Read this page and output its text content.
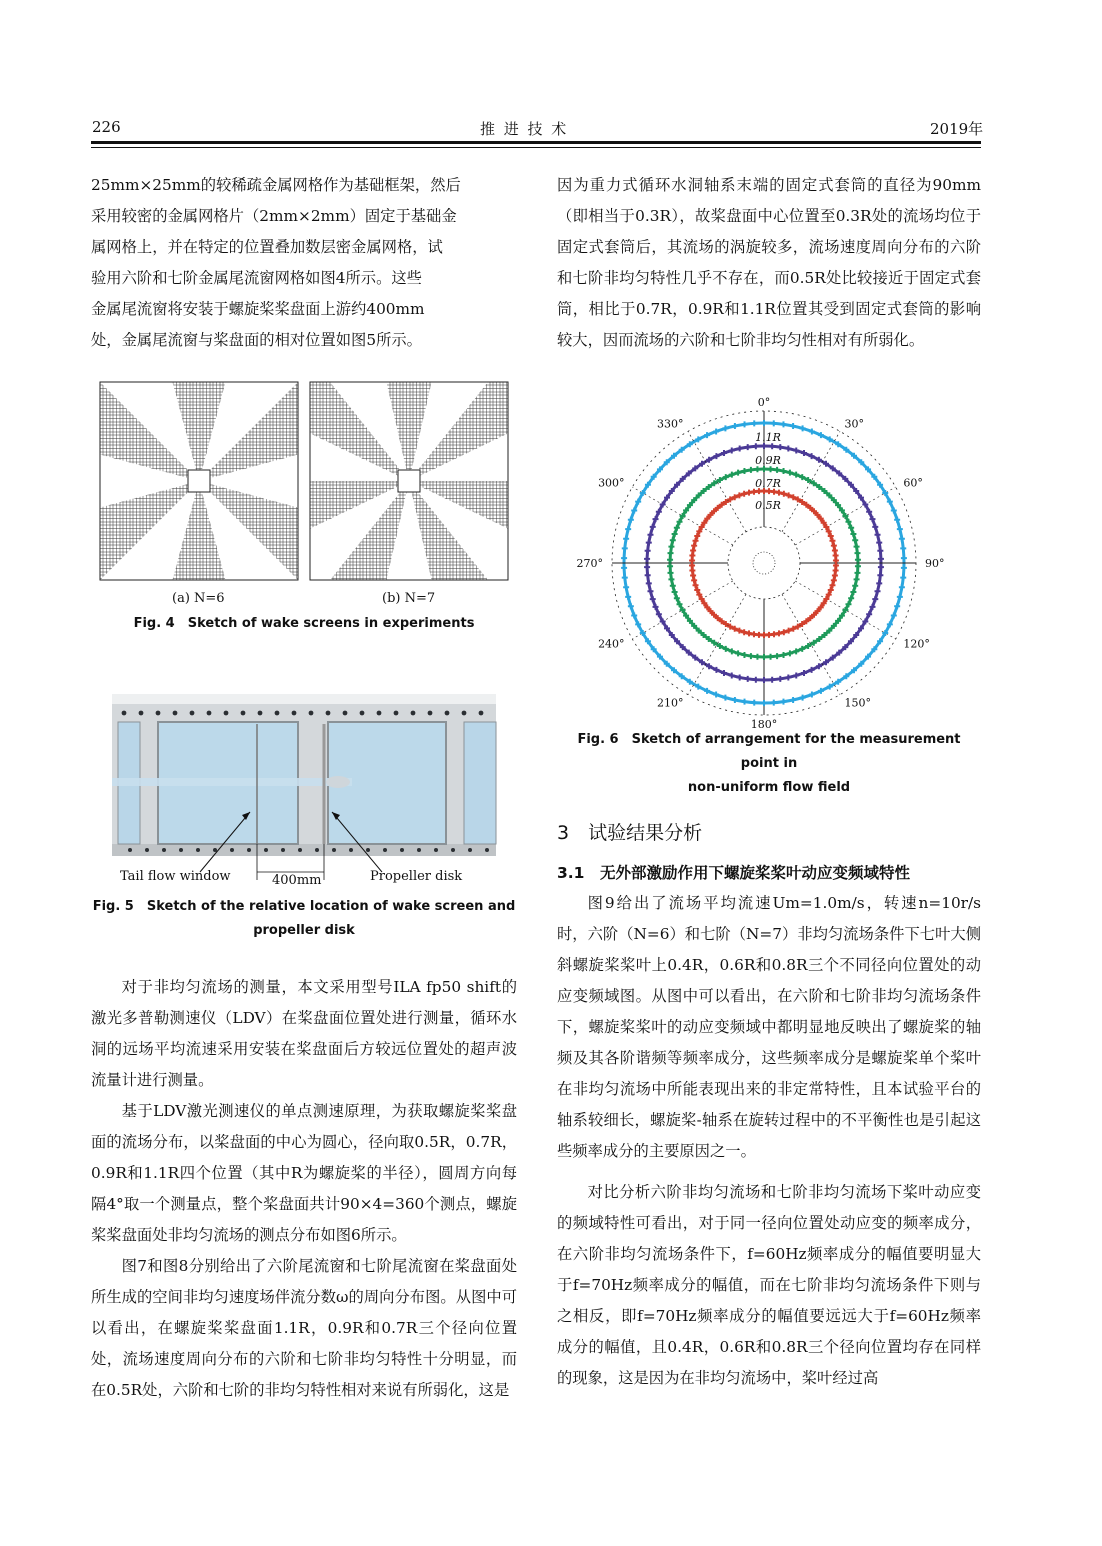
226	推 进 技 术	2019年
25mm×25mm的较稀疏金属网格作为基础框架，然后
采用较密的金属网格片（2mm×2mm）固定于基础金
属网格上，并在特定的位置叠加数层密金属网格，试
验用六阶和七阶金属尾流窗网格如图4所示。这些
金属尾流窗将安装于螺旋桨桨盘面上游约400mm
处，金属尾流窗与桨盘面的相对位置如图5所示。
(a) N=6	(b) N=7
Fig. 4　Sketch of wake screens in experiments
Tail flow window	400mm	Propeller disk
Fig. 5　Sketch of the relative location of wake screen and
propeller disk

对于非均匀流场的测量，本文采用型号ILA fp50 shift的激光多普勒测速仪（LDV）在桨盘面位置处进行测量，循环水洞的远场平均流速采用安装在桨盘面后方较远位置处的超声波流量计进行测量。

基于LDV激光测速仪的单点测速原理，为获取螺旋桨桨盘面的流场分布，以桨盘面的中心为圆心，径向取0.5R，0.7R，0.9R和1.1R四个位置（其中R为螺旋桨的半径），圆周方向每隔4°取一个测量点，整个桨盘面共计90×4=360个测点，螺旋桨桨盘面处非均匀流场的测点分布如图6所示。

图7和图8分别给出了六阶尾流窗和七阶尾流窗在桨盘面处所生成的空间非均匀速度场伴流分数ω的周向分布图。从图中可以看出，在螺旋桨桨盘面1.1R，0.9R和0.7R三个径向位置处，流场速度周向分布的六阶和七阶非均匀特性十分明显，而在0.5R处，六阶和七阶的非均匀特性相对来说有所弱化，这是

因为重力式循环水洞轴系末端的固定式套筒的直径为90mm（即相当于0.3R），故桨盘面中心位置至0.3R处的流场均位于固定式套筒后，其流场的涡旋较多，流场速度周向分布的六阶和七阶非均匀特性几乎不存在，而0.5R处比较接近于固定式套筒，相比于0.7R，0.9R和1.1R位置其受到固定式套筒的影响较大，因而流场的六阶和七阶非均匀性相对有所弱化。
0°
330°
300°
270°
240°
210°
180°
150°
120°
90°
60°
30°
1.1R
0.9R
0.7R
0.5R
Fig. 6　Sketch of arrangement for the measurement point in
non-uniform flow field
3　试验结果分析
3.1　无外部激励作用下螺旋桨桨叶动应变频域特性

图9给出了流场平均流速Um=1.0m/s，转速n=10r/s时，六阶（N=6）和七阶（N=7）非均匀流场条件下七叶大侧斜螺旋桨桨叶上0.4R，0.6R和0.8R三个不同径向位置处的动应变频域图。从图中可以看出，在六阶和七阶非均匀流场条件下，螺旋桨桨叶的动应变频域中都明显地反映出了螺旋桨的轴频及其各阶谐频等频率成分，这些频率成分是螺旋桨单个桨叶在非均匀流场中所能表现出来的非定常特性，且本试验平台的轴系较细长，螺旋桨-轴系在旋转过程中的不平衡性也是引起这些频率成分的主要原因之一。

对比分析六阶非均匀流场和七阶非均匀流场下桨叶动应变的频域特性可看出，对于同一径向位置处动应变的频率成分，在六阶非均匀流场条件下，f=60Hz频率成分的幅值要明显大于f=70Hz频率成分的幅值，而在七阶非均匀流场条件下则与之相反，即f=70Hz频率成分的幅值要远远大于f=60Hz频率成分的幅值，且0.4R，0.6R和0.8R三个径向位置均存在同样的现象，这是因为在非均匀流场中，桨叶经过高
